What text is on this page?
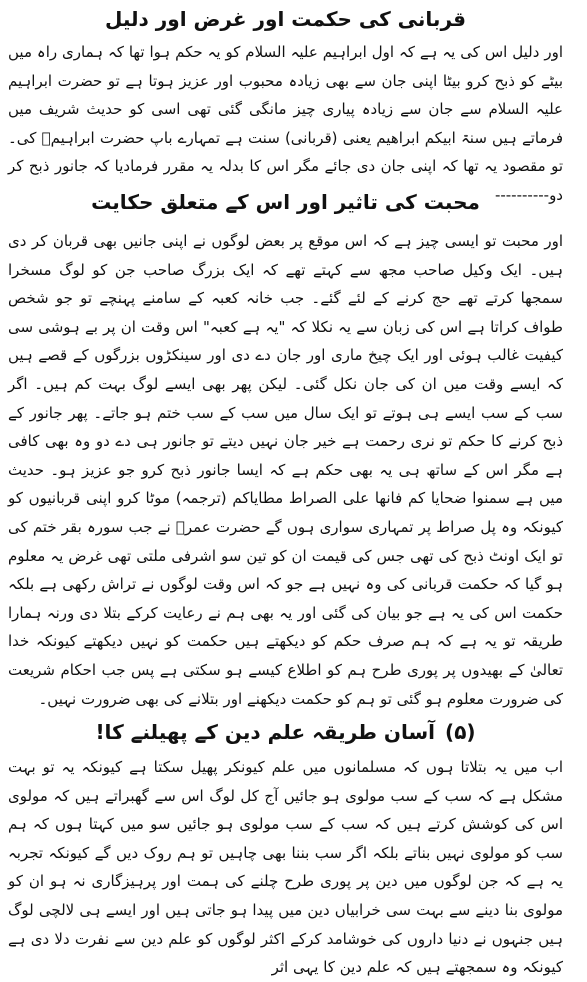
قربانی کی حکمت اور غرض اور دلیل
اور دلیل اس کی یہ ہے کہ اول ابراہیم علیہ السلام کو یہ حکم ہوا تھا کہ ہماری راہ میں بیٹے کو ذبح کرو بیٹا اپنی جان سے بھی زیادہ محبوب اور عزیز ہوتا ہے تو حضرت ابراہیم علیہ السلام سے جان سے زیادہ پیاری چیز مانگی گئی تھی اسی کو حدیث شریف میں فرماتے ہیں سنۃ ابیکم ابراھیم یعنی (قربانی) سنت ہے تمہارے باپ حضرت ابراہیمؑ کی۔ تو مقصود یہ تھا کہ اپنی جان دی جائے مگر اس کا بدلہ یہ مقرر فرمادیا کہ جانور ذبح کر دو----------
محبت کی تاثیر اور اس کے متعلق حکایت
اور محبت تو ایسی چیز ہے کہ اس موقع پر بعض لوگوں نے اپنی جانیں بھی قربان کر دی ہیں۔ ایک وکیل صاحب مجھ سے کہتے تھے کہ ایک بزرگ صاحب جن کو لوگ مسخرا سمجھا کرتے تھے حج کرنے کے لئے گئے۔ جب خانہ کعبہ کے سامنے پہنچے تو جو شخص طواف کراتا ہے اس کی زبان سے یہ نکلا کہ "یہ ہے کعبہ" اس وقت ان پر بے ہوشی سی کیفیت غالب ہوئی اور ایک چیخ ماری اور جان دے دی اور سینکڑوں بزرگوں کے قصے ہیں کہ ایسے وقت میں ان کی جان نکل گئی۔ لیکن پھر بھی ایسے لوگ بہت کم ہیں۔ اگر سب کے سب ایسے ہی ہوتے تو ایک سال میں سب کے سب ختم ہو جاتے۔ پھر جانور کے ذبح کرنے کا حکم تو نری رحمت ہے خیر جان نہیں دیتے تو جانور ہی دے دو وہ بھی کافی ہے مگر اس کے ساتھ ہی یہ بھی حکم ہے کہ ایسا جانور ذبح کرو جو عزیز ہو۔ حدیث میں ہے سمنوا ضحایا کم فانھا علی الصراط مطایاکم (ترجمہ) موٹا کرو اپنی قربانیوں کو کیونکہ وہ پل صراط پر تمہاری سواری ہوں گے حضرت عمرؓ نے جب سورہ بقر ختم کی تو ایک اونٹ ذبح کی تھی جس کی قیمت ان کو تین سو اشرفی ملتی تھی غرض یہ معلوم ہو گیا کہ حکمت قربانی کی وہ نہیں ہے جو کہ اس وقت لوگوں نے تراش رکھی ہے بلکہ حکمت اس کی یہ ہے جو بیان کی گئی اور یہ بھی ہم نے رعایت کرکے بتلا دی ورنہ ہمارا طریقہ تو یہ ہے کہ ہم صرف حکم کو دیکھتے ہیں حکمت کو نہیں دیکھتے کیونکہ خدا تعالیٰ کے بھیدوں پر پوری طرح ہم کو اطلاع کیسے ہو سکتی ہے پس جب احکام شریعت کی ضرورت معلوم ہو گئی تو ہم کو حکمت دیکھنے اور بتلانے کی بھی ضرورت نہیں۔
(۵)آسان طریقہ علم دین کے پھیلنے کا!
اب میں یہ بتلاتا ہوں کہ مسلمانوں میں علم کیونکر پھیل سکتا ہے کیونکہ یہ تو بہت مشکل ہے کہ سب کے سب مولوی ہو جائیں آج کل لوگ اس سے گھبراتے ہیں کہ مولوی اس کی کوشش کرتے ہیں کہ سب کے سب مولوی ہو جائیں سو میں کہتا ہوں کہ ہم سب کو مولوی نہیں بناتے بلکہ اگر سب بننا بھی چاہیں تو ہم روک دیں گے کیونکہ تجربہ یہ ہے کہ جن لوگوں میں دین پر پوری طرح چلنے کی ہمت اور پرہیزگاری نہ ہو ان کو مولوی بنا دینے سے بہت سی خرابیاں دین میں پیدا ہو جاتی ہیں اور ایسے ہی لالچی لوگ ہیں جنہوں نے دنیا داروں کی خوشامد کرکے اکثر لوگوں کو علم دین سے نفرت دلا دی ہے کیونکہ وہ سمجھتے ہیں کہ علم دین کا یہی اثر
